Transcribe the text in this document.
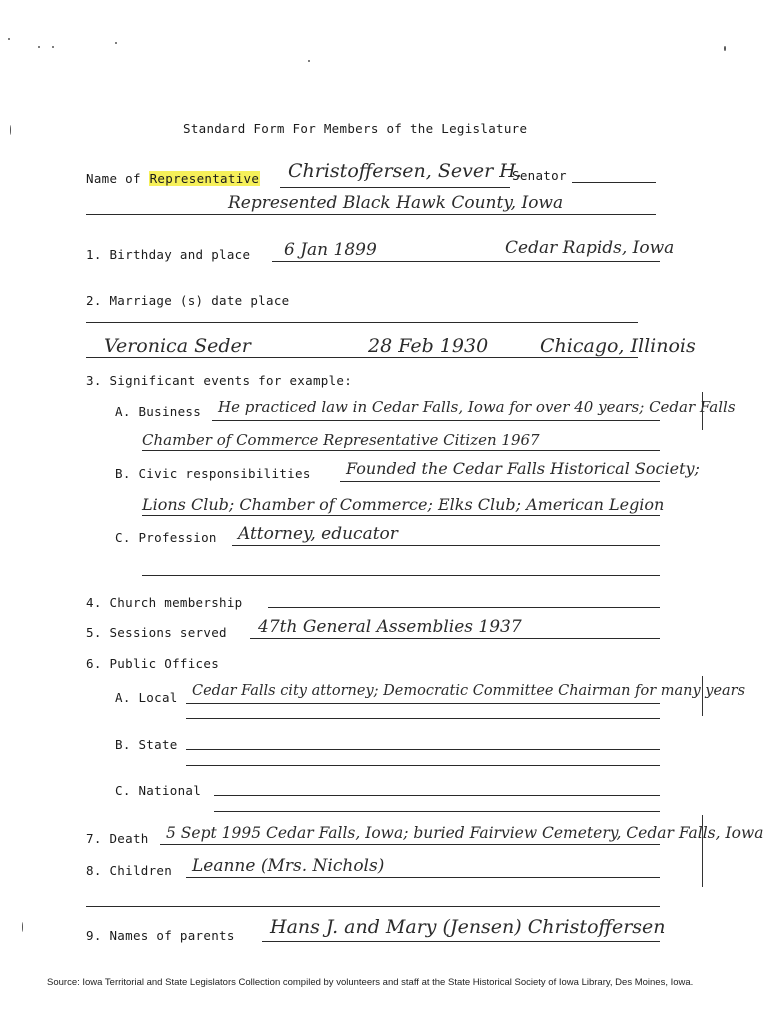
Standard Form For Members of the Legislature
Name of Representative Christoffersen, Sever H.
Senator
Represented Black Hawk County, Iowa
1. Birthday and place 6 Jan 1899	Cedar Rapids, Iowa
2. Marriage (s) date place
Veronica Seder	28 Feb 1930	Chicago, Illinois
3. Significant events for example:
A. Business He practiced law in Cedar Falls, Iowa for over 40 years; Cedar Falls
Chamber of Commerce Representative Citizen 1967
B. Civic responsibilities Founded the Cedar Falls Historical Society;
Lions Club; Chamber of Commerce; Elks Club; American Legion
C. Profession Attorney, educator
4. Church membership
5. Sessions served 47th General Assemblies 1937
6. Public Offices
A. Local Cedar Falls city attorney; Democratic Committee Chairman for many years
B. State
C. National
7. Death 5 Sept 1995 Cedar Falls, Iowa; buried Fairview Cemetery, Cedar Falls, Iowa
8. Children Leanne (Mrs. Nichols)
9. Names of parents Hans J. and Mary (Jensen) Christoffersen
Source: Iowa Territorial and State Legislators Collection compiled by volunteers and staff at the State Historical Society of Iowa Library, Des Moines, Iowa.
